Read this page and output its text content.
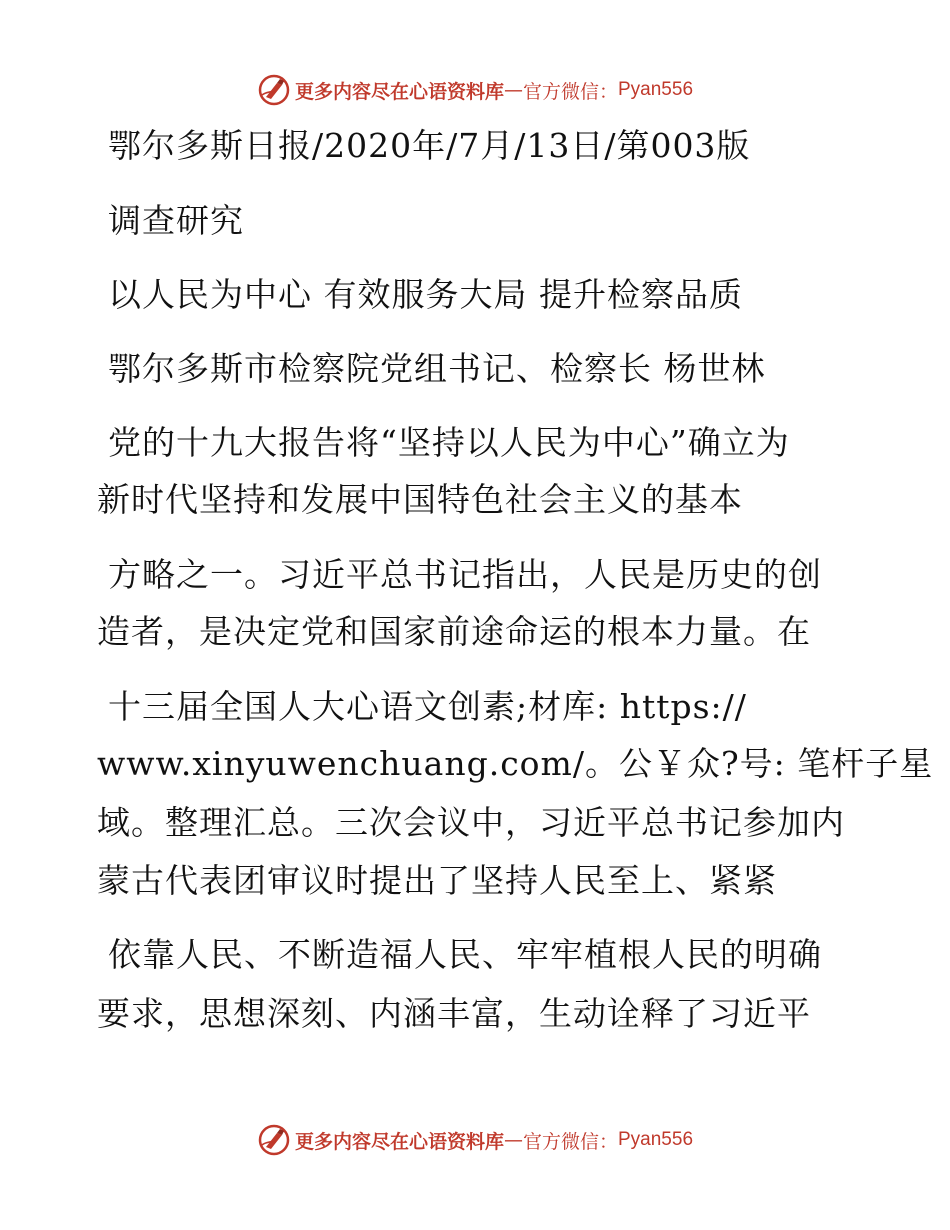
更多内容尽在心语资料库 — 官方微信： Pyan556
鄂尔多斯日报/2020年/7月/13日/第003版
调查研究
以人民为中心 有效服务大局 提升检察品质
鄂尔多斯市检察院党组书记、检察长 杨世林
党的十九大报告将“坚持以人民为中心”确立为
新时代坚持和发展中国特色社会主义的基本
方略之一。习近平总书记指出，人民是历史的创
造者，是决定党和国家前途命运的根本力量。在
十三届全国人大心语文创素;材库: https://
www.xinyuwenchuang.com/。公￥众?号: 笔杆子星
域。整理汇总。三次会议中，习近平总书记参加内
蒙古代表团审议时提出了坚持人民至上、紧紧
依靠人民、不断造福人民、牢牢植根人民的明确
要求，思想深刻、内涵丰富，生动诠释了习近平
更多内容尽在心语资料库 — 官方微信： Pyan556
